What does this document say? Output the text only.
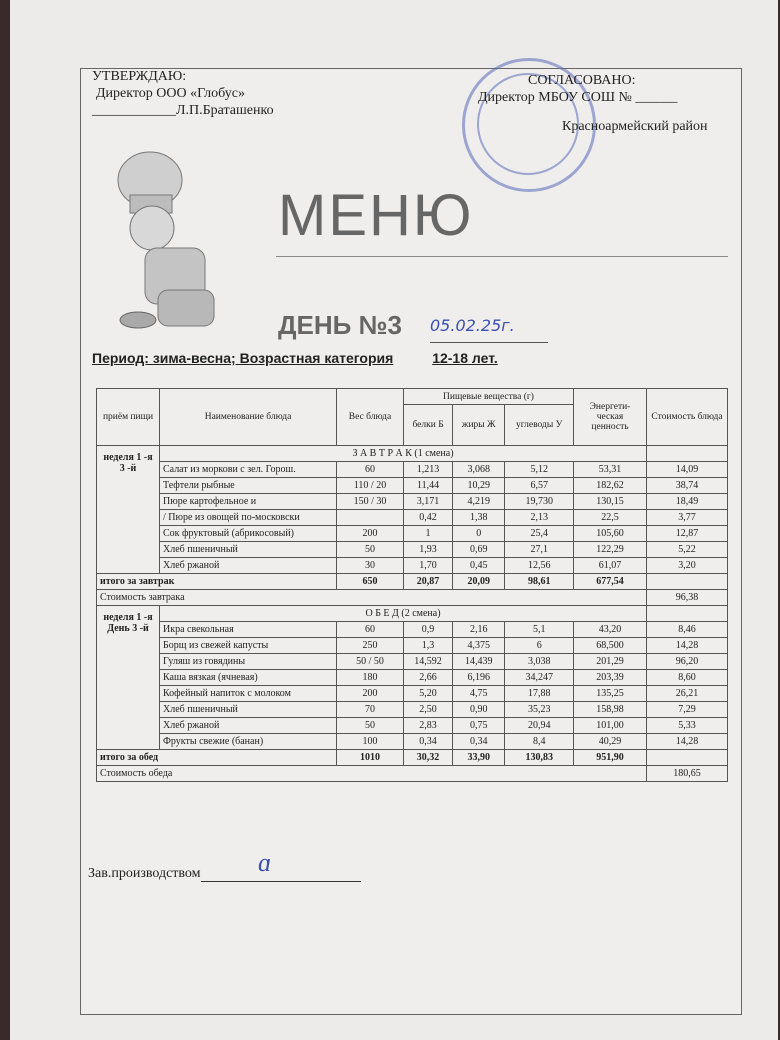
УТВЕРЖДАЮ:
Директор ООО «Глобус»
____________Л.П.Браташенко
СОГЛАСОВАНО:
Директор МБОУ СОШ № ______
Красноармейский район
МЕНЮ
ДЕНЬ №3 05.02.25г.
Период: зима-весна; Возрастная категория	12-18 лет.
приём пищи	Наименование блюда	Вес блюда	Пищевые вещества (г)			Энергети-ческая ценность	Стоимость блюда
			белки Б	жиры Ж	углеводы У		
неделя 1 -я 3 -й	З А В Т Р А К (1 смена)						
	Салат из моркови с зел. Горош.	60	1,213	3,068	5,12	53,31	14,09
	Тефтели рыбные	110 / 20	11,44	10,29	6,57	182,62	38,74
	Пюре картофельное и	150 / 30	3,171	4,219	19,730	130,15	18,49
	/ Пюре из овощей по-московски		0,42	1,38	2,13	22,5	3,77
	Сок фруктовый (абрикосовый)	200	1	0	25,4	105,60	12,87
	Хлеб пшеничный	50	1,93	0,69	27,1	122,29	5,22
	Хлеб ржаной	30	1,70	0,45	12,56	61,07	3,20
итого за завтрак		650	20,87	20,09	98,61	677,54	
Стоимость завтрака							96,38
неделя 1 -я День 3 -й	О Б Е Д (2 смена)						
	Икра свекольная	60	0,9	2,16	5,1	43,20	8,46
	Борщ из свежей капусты	250	1,3	4,375	6	68,500	14,28
	Гуляш из говядины	50 / 50	14,592	14,439	3,038	201,29	96,20
	Каша вязкая (ячневая)	180	2,66	6,196	34,247	203,39	8,60
	Кофейный напиток с молоком	200	5,20	4,75	17,88	135,25	26,21
	Хлеб пшеничный	70	2,50	0,90	35,23	158,98	7,29
	Хлеб ржаной	50	2,83	0,75	20,94	101,00	5,33
	Фрукты свежие (банан)	100	0,34	0,34	8,4	40,29	14,28
итого за обед		1010	30,32	33,90	130,83	951,90	
Стоимость обеда							180,65
Зав.производством	ɑ
